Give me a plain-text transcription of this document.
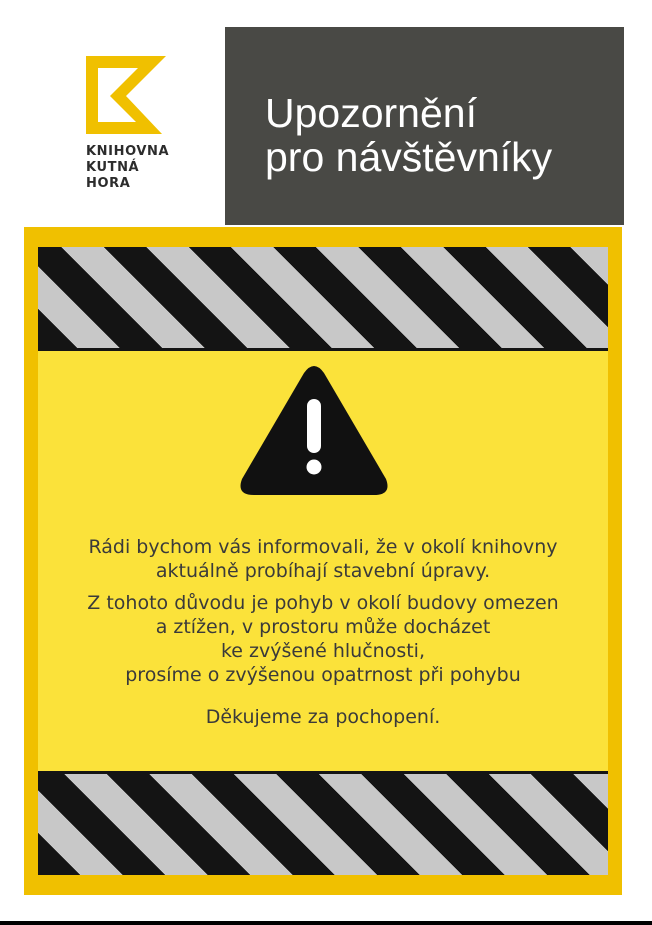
KNIHOVNA
KUTNÁ
HORA
Upozornění
pro návštěvníky

Rádi bychom vás informovali, že v okolí knihovny
aktuálně probíhají stavební úpravy.

Z tohoto důvodu je pohyb v okolí budovy omezen
a ztížen, v prostoru může docházet
ke zvýšené hlučnosti,
prosíme o zvýšenou opatrnost při pohybu

Děkujeme za pochopení.
